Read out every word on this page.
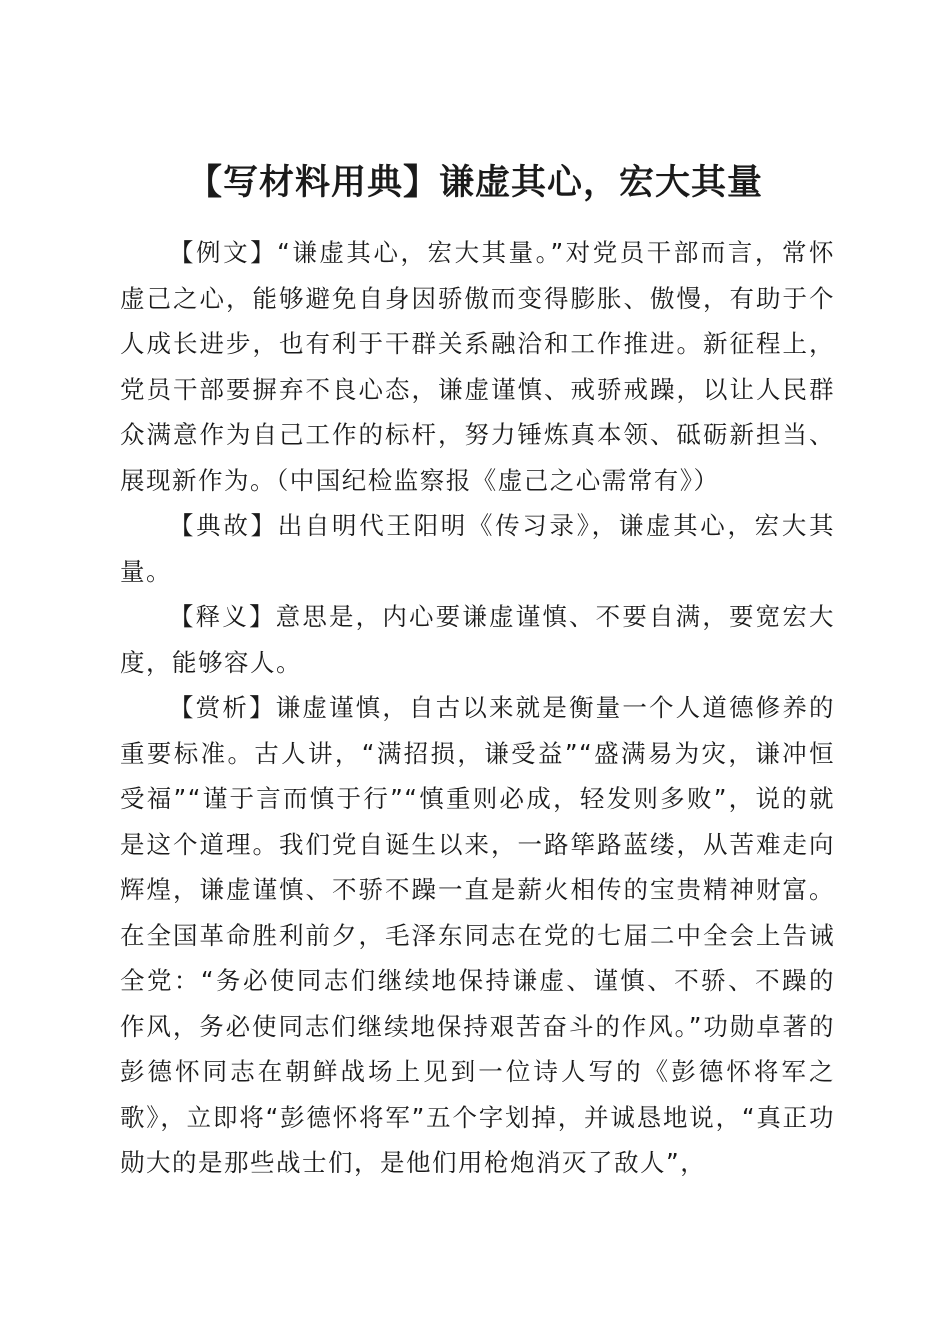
【写材料用典】谦虚其心，宏大其量

【例文】“谦虚其心，宏大其量。”对党员干部而言，常怀虚己之心，能够避免自身因骄傲而变得膨胀、傲慢，有助于个人成长进步，也有利于干群关系融洽和工作推进。新征程上，党员干部要摒弃不良心态，谦虚谨慎、戒骄戒躁，以让人民群众满意作为自己工作的标杆，努力锤炼真本领、砥砺新担当、展现新作为。（中国纪检监察报《虚己之心需常有》）

【典故】出自明代王阳明《传习录》，谦虚其心，宏大其量。

【释义】意思是，内心要谦虚谨慎、不要自满，要宽宏大度，能够容人。

【赏析】谦虚谨慎，自古以来就是衡量一个人道德修养的重要标准。古人讲，“满招损，谦受益”“盛满易为灾，谦冲恒受福”“谨于言而慎于行”“慎重则必成，轻发则多败”，说的就是这个道理。我们党自诞生以来，一路筚路蓝缕，从苦难走向辉煌，谦虚谨慎、不骄不躁一直是薪火相传的宝贵精神财富。在全国革命胜利前夕，毛泽东同志在党的七届二中全会上告诫全党：“务必使同志们继续地保持谦虚、谨慎、不骄、不躁的作风，务必使同志们继续地保持艰苦奋斗的作风。”功勋卓著的彭德怀同志在朝鲜战场上见到一位诗人写的《彭德怀将军之歌》，立即将“彭德怀将军”五个字划掉，并诚恳地说，“真正功勋大的是那些战士们，是他们用枪炮消灭了敌人”，
